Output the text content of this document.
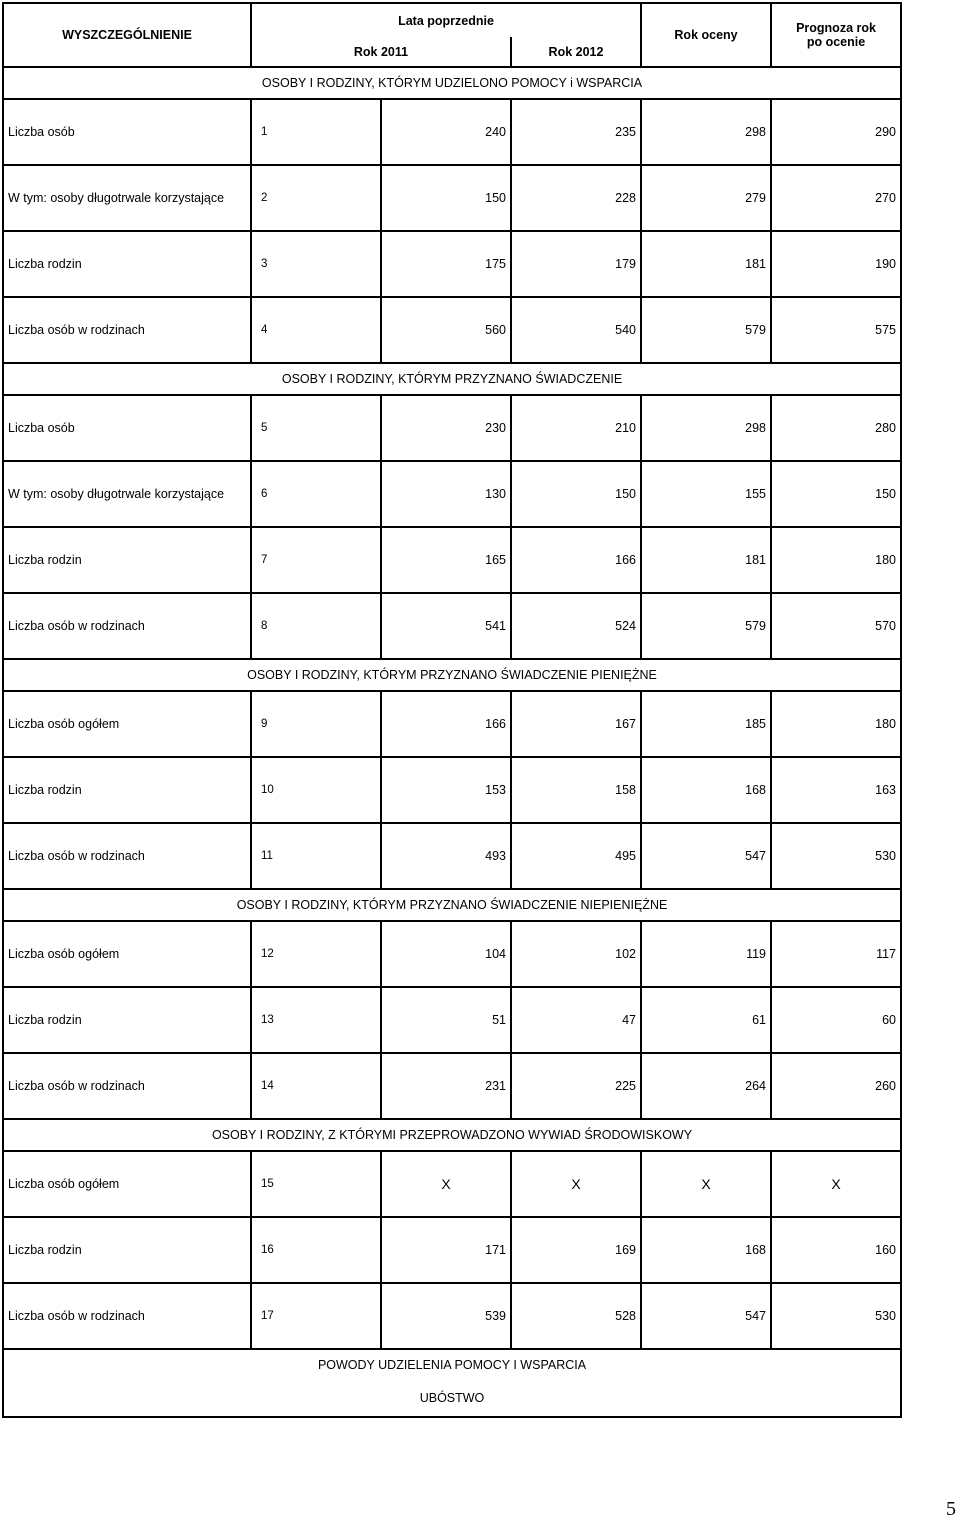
WYSZCZEGÓLNIENIE	Lata poprzednie			Rok oceny	Prognoza rok
po ocenie
	Rok 2011		Rok 2012		
OSOBY I RODZINY, KTÓRYM UDZIELONO POMOCY i WSPARCIA					
Liczba osób	1	240	235	298	290
W tym: osoby długotrwale korzystające	2	150	228	279	270
Liczba rodzin	3	175	179	181	190
Liczba osób w rodzinach	4	560	540	579	575
OSOBY I RODZINY, KTÓRYM PRZYZNANO ŚWIADCZENIE					
Liczba osób	5	230	210	298	280
W tym: osoby długotrwale korzystające	6	130	150	155	150
Liczba rodzin	7	165	166	181	180
Liczba osób w rodzinach	8	541	524	579	570
OSOBY I RODZINY, KTÓRYM PRZYZNANO ŚWIADCZENIE PIENIĘŻNE					
Liczba osób ogółem	9	166	167	185	180
Liczba rodzin	10	153	158	168	163
Liczba osób w rodzinach	11	493	495	547	530
OSOBY I RODZINY, KTÓRYM PRZYZNANO ŚWIADCZENIE NIEPIENIĘŻNE					
Liczba osób ogółem	12	104	102	119	117
Liczba rodzin	13	51	47	61	60
Liczba osób w rodzinach	14	231	225	264	260
OSOBY I RODZINY, Z KTÓRYMI PRZEPROWADZONO WYWIAD ŚRODOWISKOWY					
Liczba osób ogółem	15	X	X	X	X
Liczba rodzin	16	171	169	168	160
Liczba osób w rodzinach	17	539	528	547	530
POWODY UDZIELENIA POMOCY I WSPARCIA					
UBÓSTWO					
5
